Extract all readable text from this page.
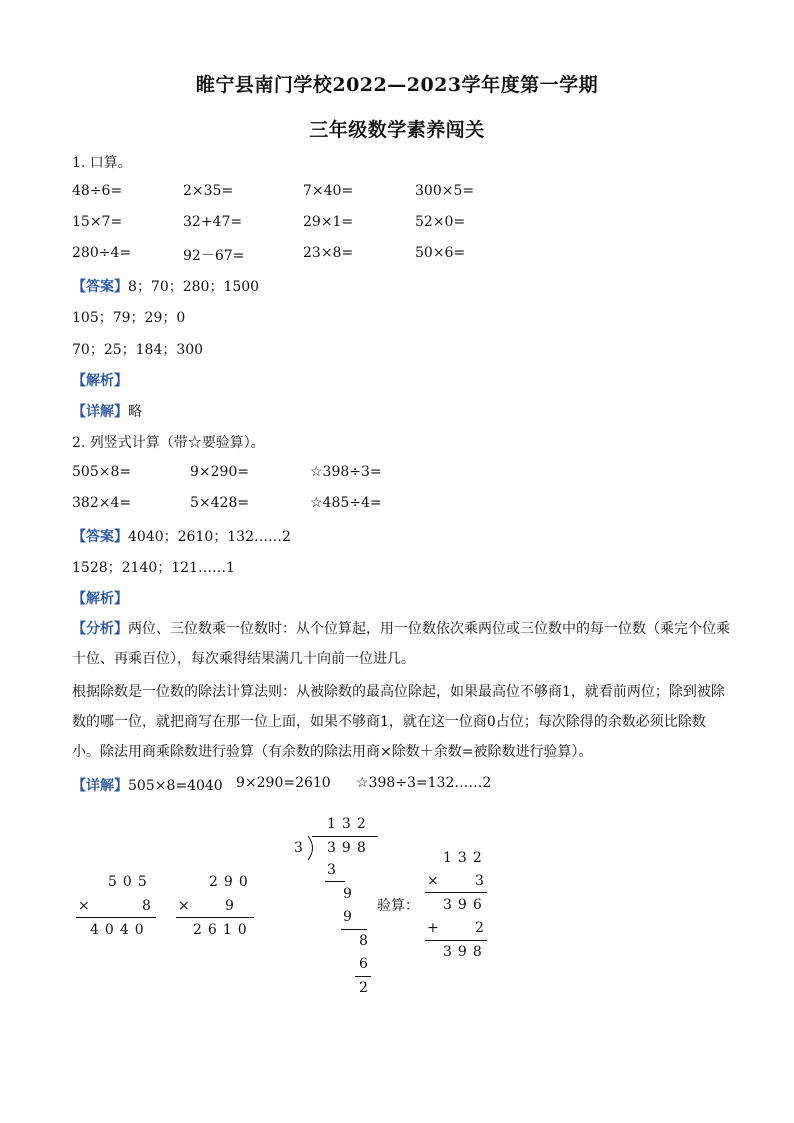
睢宁县南门学校2022—2023学年度第一学期
三年级数学素养闯关
1. 口算。
48÷6=	2×35=	7×40=	300×5=
15×7=	32+47=	29×1=	52×0=
280÷4=	92－67=	23×8=	50×6=
【答案】8；70；280；1500
105；79；29；0
70；25；184；300
【解析】
【详解】略
2. 列竖式计算（带☆要验算）。
505×8=	9×290=	☆398÷3=
382×4=	5×428=	☆485÷4=
【答案】4040；2610；132……2
1528；2140；121……1
【解析】
【分析】两位、三位数乘一位数时：从个位算起，用一位数依次乘两位或三位数中的每一位数（乘完个位乘十位、再乘百位），每次乘得结果满几十向前一位进几。
根据除数是一位数的除法计算法则：从被除数的最高位除起，如果最高位不够商1，就看前两位；除到被除数的哪一位，就把商写在那一位上面，如果不够商1，就在这一位商0占位；每次除得的余数必须比除数小。除法用商乘除数进行验算（有余数的除法用商×除数＋余数=被除数进行验算）。
【详解】505×8=4040 9×290=2610 ☆398÷3=132……2
505
×	8
4040
290
× 9
2610
132
3 398
3
9
9
8
6
2
验算：
132
× 3
396
+ 2
398
